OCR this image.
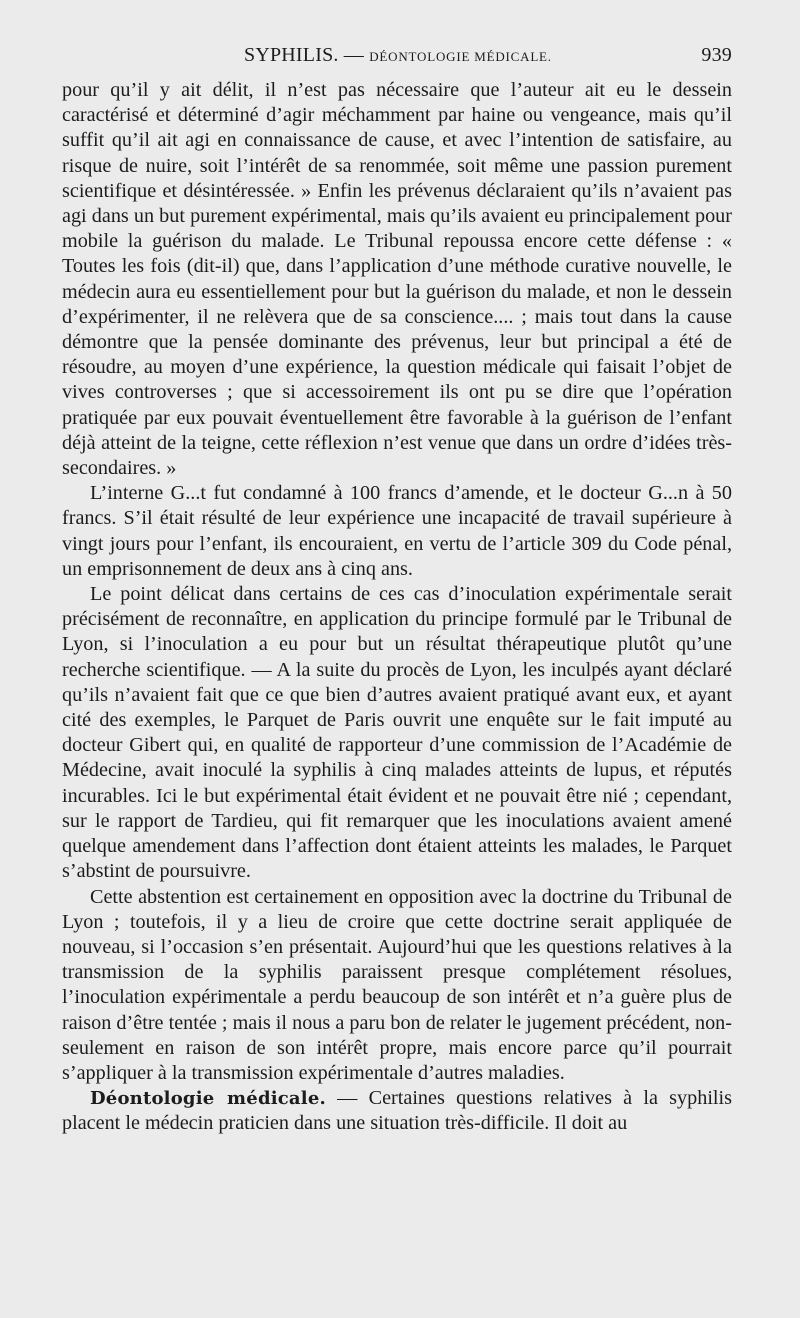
SYPHILIS. — DÉONTOLOGIE MÉDICALE.	939

pour qu’il y ait délit, il n’est pas nécessaire que l’auteur ait eu le dessein caractérisé et déterminé d’agir méchamment par haine ou vengeance, mais qu’il suffit qu’il ait agi en connaissance de cause, et avec l’intention de satisfaire, au risque de nuire, soit l’intérêt de sa renommée, soit même une passion purement scientifique et désintéressée. » Enfin les prévenus déclaraient qu’ils n’avaient pas agi dans un but purement expérimental, mais qu’ils avaient eu principalement pour mobile la guérison du malade. Le Tribunal repoussa encore cette défense : « Toutes les fois (dit-il) que, dans l’application d’une méthode curative nouvelle, le médecin aura eu essentiellement pour but la guérison du malade, et non le dessein d’expérimenter, il ne relèvera que de sa conscience.... ; mais tout dans la cause démontre que la pensée dominante des prévenus, leur but principal a été de résoudre, au moyen d’une expérience, la question médicale qui faisait l’objet de vives controverses ; que si accessoirement ils ont pu se dire que l’opération pratiquée par eux pouvait éventuellement être favorable à la guérison de l’enfant déjà atteint de la teigne, cette réflexion n’est venue que dans un ordre d’idées très-secondaires. »

L’interne G...t fut condamné à 100 francs d’amende, et le docteur G...n à 50 francs. S’il était résulté de leur expérience une incapacité de travail supérieure à vingt jours pour l’enfant, ils encouraient, en vertu de l’article 309 du Code pénal, un emprisonnement de deux ans à cinq ans.

Le point délicat dans certains de ces cas d’inoculation expérimentale serait précisément de reconnaître, en application du principe formulé par le Tribunal de Lyon, si l’inoculation a eu pour but un résultat thérapeutique plutôt qu’une recherche scientifique. — A la suite du procès de Lyon, les inculpés ayant déclaré qu’ils n’avaient fait que ce que bien d’autres avaient pratiqué avant eux, et ayant cité des exemples, le Parquet de Paris ouvrit une enquête sur le fait imputé au docteur Gibert qui, en qualité de rapporteur d’une commission de l’Académie de Médecine, avait inoculé la syphilis à cinq malades atteints de lupus, et réputés incurables. Ici le but expérimental était évident et ne pouvait être nié ; cependant, sur le rapport de Tardieu, qui fit remarquer que les inoculations avaient amené quelque amendement dans l’affection dont étaient atteints les malades, le Parquet s’abstint de poursuivre.

Cette abstention est certainement en opposition avec la doctrine du Tribunal de Lyon ; toutefois, il y a lieu de croire que cette doctrine serait appliquée de nouveau, si l’occasion s’en présentait. Aujourd’hui que les questions relatives à la transmission de la syphilis paraissent presque complétement résolues, l’inoculation expérimentale a perdu beaucoup de son intérêt et n’a guère plus de raison d’être tentée ; mais il nous a paru bon de relater le jugement précédent, non-seulement en raison de son intérêt propre, mais encore parce qu’il pourrait s’appliquer à la transmission expérimentale d’autres maladies.

Déontologie médicale. — Certaines questions relatives à la syphilis placent le médecin praticien dans une situation très-difficile. Il doit au
